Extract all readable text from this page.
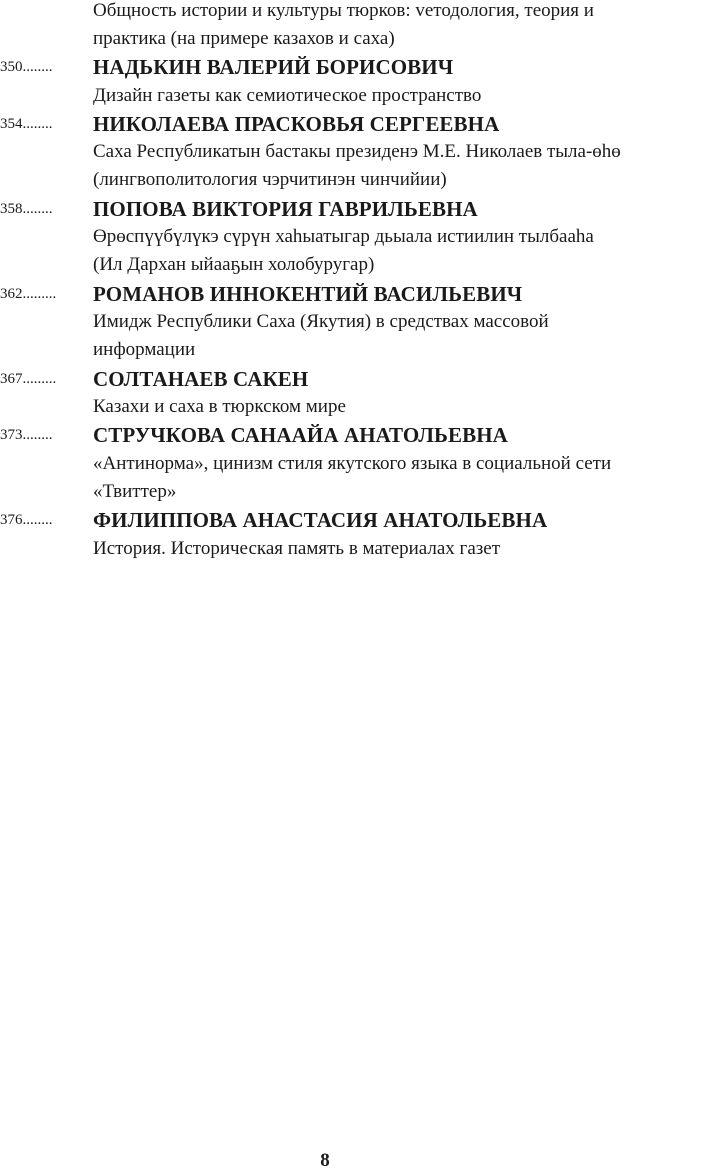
Общность истории и культуры тюрков: vетодология, теория и
практика (на примере казахов и саха)
350........ НАДЬКИН ВАЛЕРИЙ БОРИСОВИЧ
Дизайн газеты как семиотическое пространство
354........ НИКОЛАЕВА ПРАСКОВЬЯ СЕРГЕЕВНА
Саха Республикатын бастакы президенэ М.Е. Николаев тыла-өһө
(лингвополитология чэрчитинэн чинчийии)
358........ ПОПОВА ВИКТОРИЯ ГАВРИЛЬЕВНА
Өрөспүүбүлүкэ сүрүн хаһыатыгар дьыала истиилин тылбааһа
(Ил Дархан ыйааҕын холобуругар)
362......... РОМАНОВ ИННОКЕНТИЙ ВАСИЛЬЕВИЧ
Имидж Республики Саха (Якутия) в средствах массовой
информации
367......... СОЛТАНАЕВ САКЕН
Казахи и саха в тюркском мире
373........ СТРУЧКОВА САНААЙА АНАТОЛЬЕВНА
«Антинорма», цинизм стиля якутского языка в социальной сети
«Твиттер»
376........ ФИЛИППОВА АНАСТАСИЯ АНАТОЛЬЕВНА
История. Историческая память в материалах газет
8
